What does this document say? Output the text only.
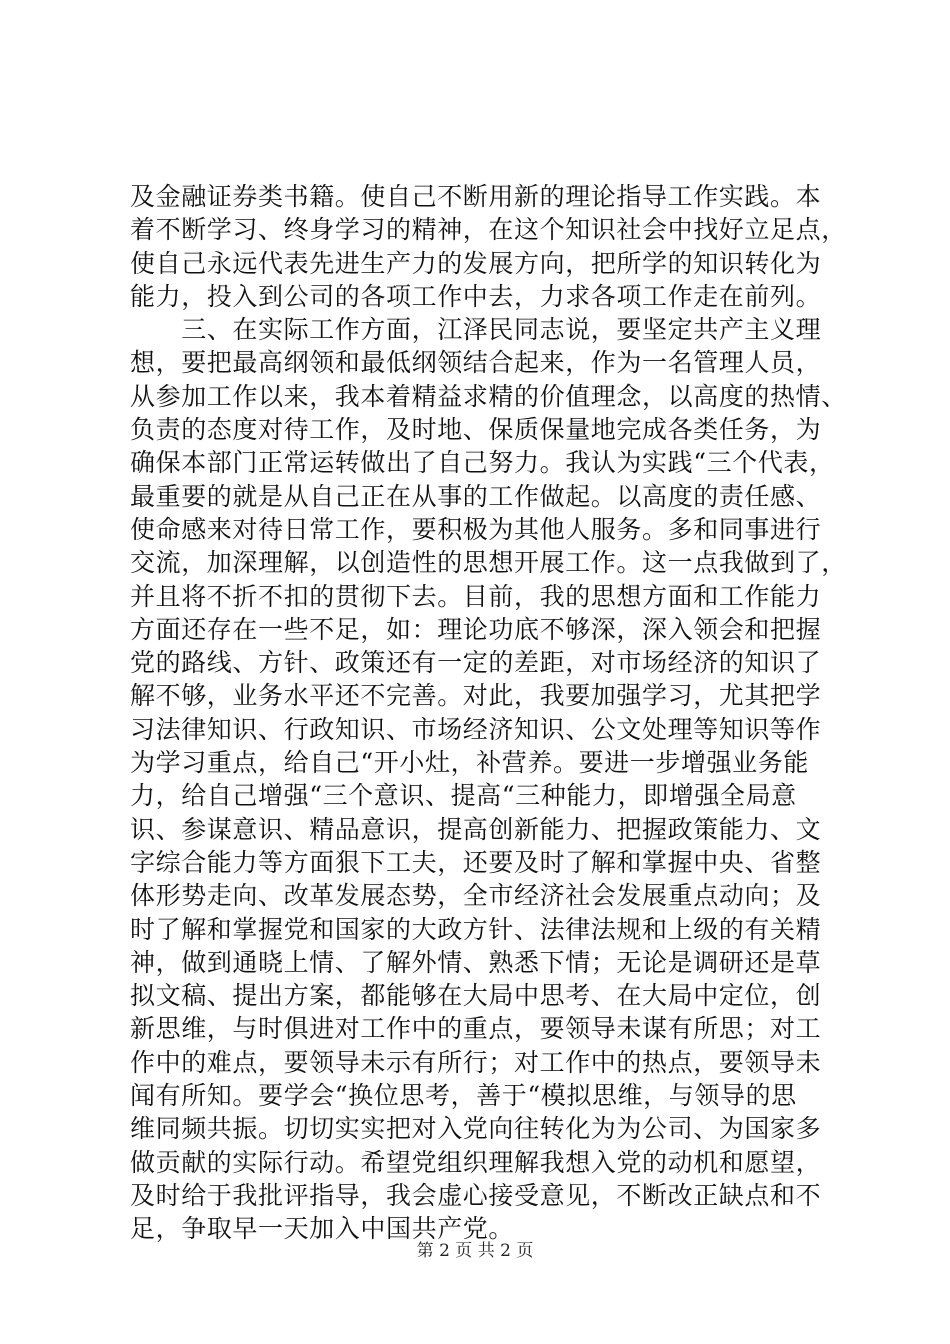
及金融证券类书籍。使自己不断用新的理论指导工作实践。本
着不断学习、终身学习的精神，在这个知识社会中找好立足点，
使自己永远代表先进生产力的发展方向，把所学的知识转化为
能力，投入到公司的各项工作中去，力求各项工作走在前列。
　　三、在实际工作方面，江泽民同志说，要坚定共产主义理
想，要把最高纲领和最低纲领结合起来，作为一名管理人员，
从参加工作以来，我本着精益求精的价值理念，以高度的热情、
负责的态度对待工作，及时地、保质保量地完成各类任务，为
确保本部门正常运转做出了自己努力。我认为实践“三个代表，
最重要的就是从自己正在从事的工作做起。以高度的责任感、
使命感来对待日常工作，要积极为其他人服务。多和同事进行
交流，加深理解，以创造性的思想开展工作。这一点我做到了，
并且将不折不扣的贯彻下去。目前，我的思想方面和工作能力
方面还存在一些不足，如：理论功底不够深，深入领会和把握
党的路线、方针、政策还有一定的差距，对市场经济的知识了
解不够，业务水平还不完善。对此，我要加强学习，尤其把学
习法律知识、行政知识、市场经济知识、公文处理等知识等作
为学习重点，给自己“开小灶，补营养。要进一步增强业务能
力，给自己增强“三个意识、提高“三种能力，即增强全局意
识、参谋意识、精品意识，提高创新能力、把握政策能力、文
字综合能力等方面狠下工夫，还要及时了解和掌握中央、省整
体形势走向、改革发展态势，全市经济社会发展重点动向；及
时了解和掌握党和国家的大政方针、法律法规和上级的有关精
神，做到通晓上情、了解外情、熟悉下情；无论是调研还是草
拟文稿、提出方案，都能够在大局中思考、在大局中定位，创
新思维，与时俱进对工作中的重点，要领导未谋有所思；对工
作中的难点，要领导未示有所行；对工作中的热点，要领导未
闻有所知。要学会“换位思考，善于“模拟思维，与领导的思
维同频共振。切切实实把对入党向往转化为为公司、为国家多
做贡献的实际行动。希望党组织理解我想入党的动机和愿望，
及时给于我批评指导，我会虚心接受意见，不断改正缺点和不
足，争取早一天加入中国共产党。
第 2 页 共 2 页
